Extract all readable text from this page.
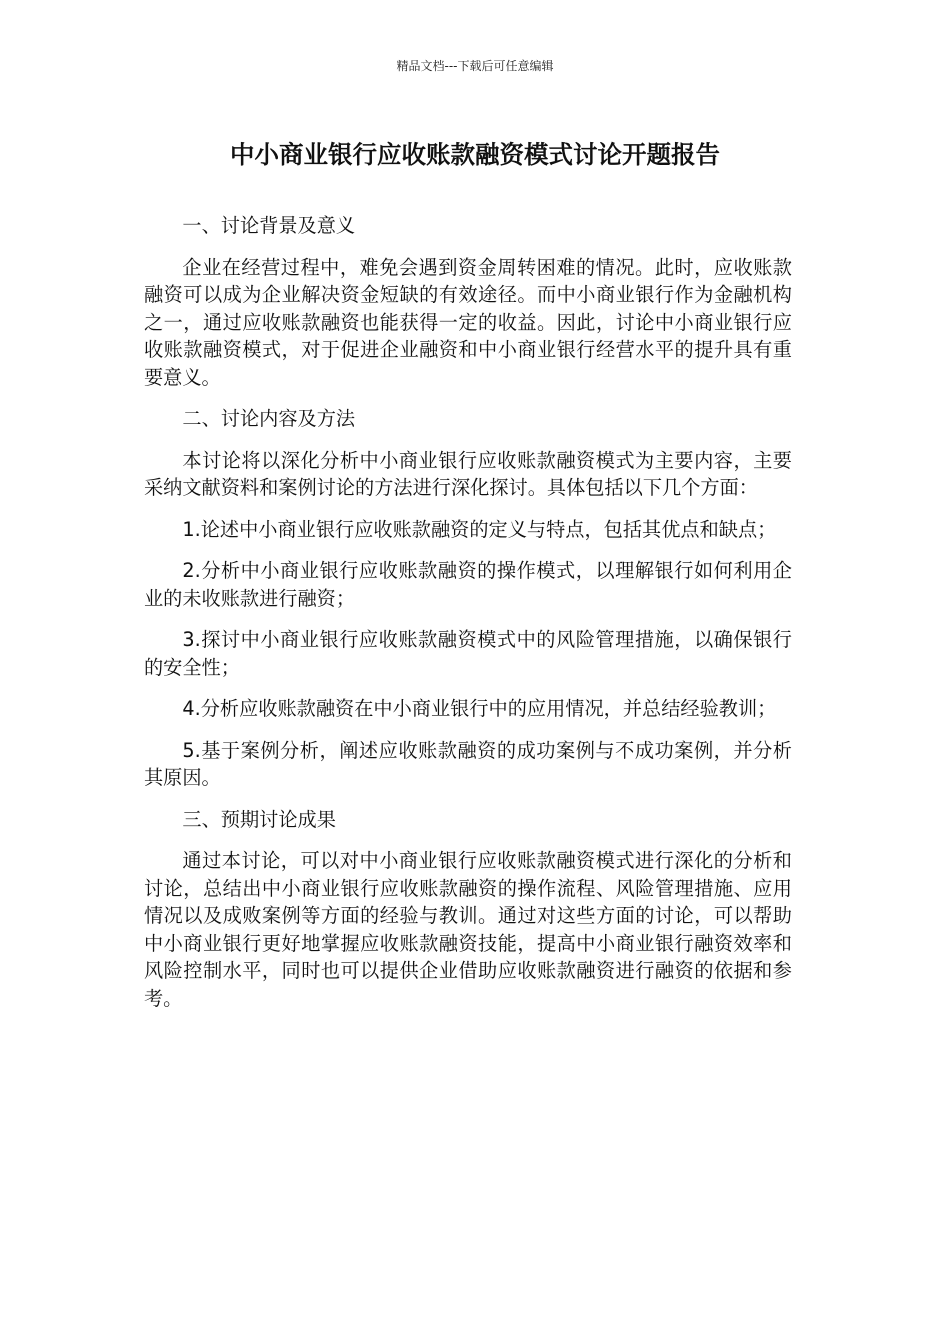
精品文档---下载后可任意编辑
中小商业银行应收账款融资模式讨论开题报告

一、讨论背景及意义

企业在经营过程中，难免会遇到资金周转困难的情况。此时，应收账款融资可以成为企业解决资金短缺的有效途径。而中小商业银行作为金融机构之一，通过应收账款融资也能获得一定的收益。因此，讨论中小商业银行应收账款融资模式，对于促进企业融资和中小商业银行经营水平的提升具有重要意义。

二、讨论内容及方法

本讨论将以深化分析中小商业银行应收账款融资模式为主要内容，主要采纳文献资料和案例讨论的方法进行深化探讨。具体包括以下几个方面：

1.论述中小商业银行应收账款融资的定义与特点，包括其优点和缺点；

2.分析中小商业银行应收账款融资的操作模式，以理解银行如何利用企业的未收账款进行融资；

3.探讨中小商业银行应收账款融资模式中的风险管理措施，以确保银行的安全性；

4.分析应收账款融资在中小商业银行中的应用情况，并总结经验教训；

5.基于案例分析，阐述应收账款融资的成功案例与不成功案例，并分析其原因。

三、预期讨论成果

通过本讨论，可以对中小商业银行应收账款融资模式进行深化的分析和讨论，总结出中小商业银行应收账款融资的操作流程、风险管理措施、应用情况以及成败案例等方面的经验与教训。通过对这些方面的讨论，可以帮助中小商业银行更好地掌握应收账款融资技能，提高中小商业银行融资效率和风险控制水平，同时也可以提供企业借助应收账款融资进行融资的依据和参考。
